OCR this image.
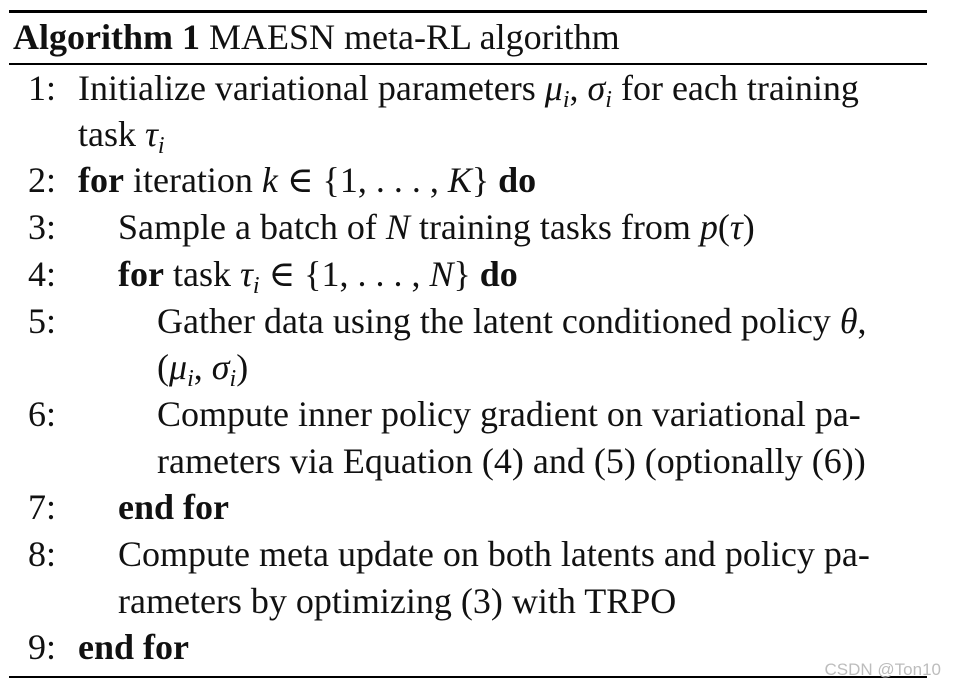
Algorithm 1 MAESN meta-RL algorithm
1: Initialize variational parameters $\mu_i$, $\sigma_i$ for each training
task $\tau_i$
2: for iteration k ∈ {1, . . . , K} do
3: Sample a batch of N training tasks from p(τ)
4: for task $\tau_i$ ∈ {1, . . . , N} do
5:	Gather data using the latent conditioned policy θ,
($\mu_i$, $\sigma_i$)
6:	Compute inner policy gradient on variational pa-
rameters via Equation (4) and (5) (optionally (6))
7: end for
8: Compute meta update on both latents and policy pa-
rameters by optimizing (3) with TRPO
9: end for
CSDN @Ton10
